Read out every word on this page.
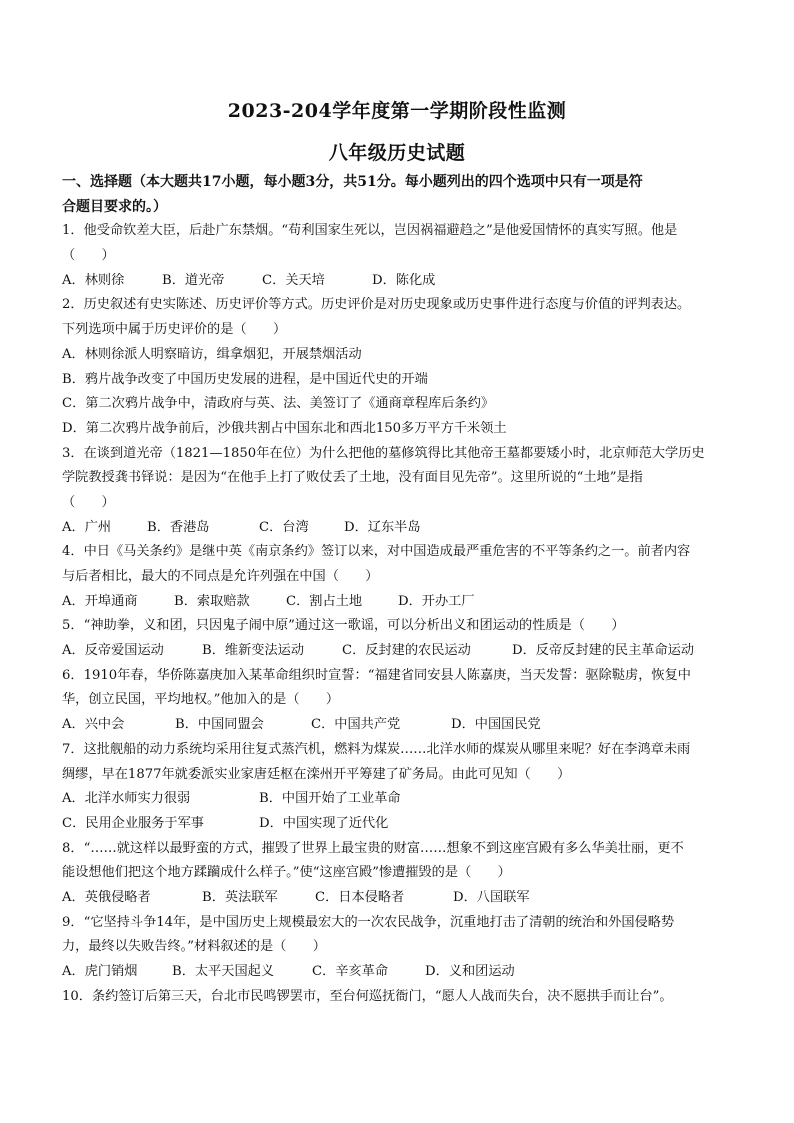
2023-204学年度第一学期阶段性监测
八年级历史试题
一、选择题（本大题共17小题，每小题3分，共51分。每小题列出的四个选项中只有一项是符
合题目要求的。）
1．他受命钦差大臣，后赴广东禁烟。“苟利国家生死以，岂因祸福避趋之”是他爱国情怀的真实写照。他是
（　　）
A．林则徐	B．道光帝	C．关天培	D．陈化成
2．历史叙述有史实陈述、历史评价等方式。历史评价是对历史现象或历史事件进行态度与价值的评判表达。
下列选项中属于历史评价的是（　　）
A．林则徐派人明察暗访，缉拿烟犯，开展禁烟活动
B．鸦片战争改变了中国历史发展的进程，是中国近代史的开端
C．第二次鸦片战争中，清政府与英、法、美签订了《通商章程库后条约》
D．第二次鸦片战争前后，沙俄共割占中国东北和西北150多万平方千米领土
3．在谈到道光帝（1821—1850年在位）为什么把他的墓修筑得比其他帝王墓都要矮小时，北京师范大学历史
学院教授龚书铎说：是因为“在他手上打了败仗丢了土地，没有面目见先帝”。这里所说的“土地”是指
（　　）
A．广州	B．香港岛	C．台湾	D．辽东半岛
4．中日《马关条约》是继中英《南京条约》签订以来，对中国造成最严重危害的不平等条约之一。前者内容
与后者相比，最大的不同点是允许列强在中国（　　）
A．开埠通商	B．索取赔款	C．割占土地	D．开办工厂
5．“神助拳，义和团，只因鬼子闹中原”通过这一歌谣，可以分析出义和团运动的性质是（　　）
A．反帝爱国运动	B．维新变法运动	C．反封建的农民运动	D．反帝反封建的民主革命运动
6．1910年春，华侨陈嘉庚加入某革命组织时宣誓：“福建省同安县人陈嘉庚，当天发誓：驱除鞑虏，恢复中
华，创立民国，平均地权。”他加入的是（　　）
A．兴中会	B．中国同盟会	C．中国共产党	D．中国国民党
7．这批舰船的动力系统均采用往复式蒸汽机，燃料为煤炭……北洋水师的煤炭从哪里来呢？好在李鸿章未雨
绸缪，早在1877年就委派实业家唐廷枢在滦州开平筹建了矿务局。由此可见知（　　）
A．北洋水师实力很弱	B．中国开始了工业革命
C．民用企业服务于军事	D．中国实现了近代化
8．“……就这样以最野蛮的方式，摧毁了世界上最宝贵的财富……想象不到这座宫殿有多么华美壮丽，更不
能设想他们把这个地方蹂躏成什么样子。”使“这座宫殿”惨遭摧毁的是（　　）
A．英俄侵略者	B．英法联军	C．日本侵略者	D．八国联军
9．“它坚持斗争14年，是中国历史上规模最宏大的一次农民战争，沉重地打击了清朝的统治和外国侵略势
力，最终以失败告终。”材料叙述的是（　　）
A．虎门销烟	B．太平天国起义	C．辛亥革命	D．义和团运动
10．条约签订后第三天，台北市民鸣锣罢市，至台何巡抚衙门，“愿人人战而失台，决不愿拱手而让台”。
